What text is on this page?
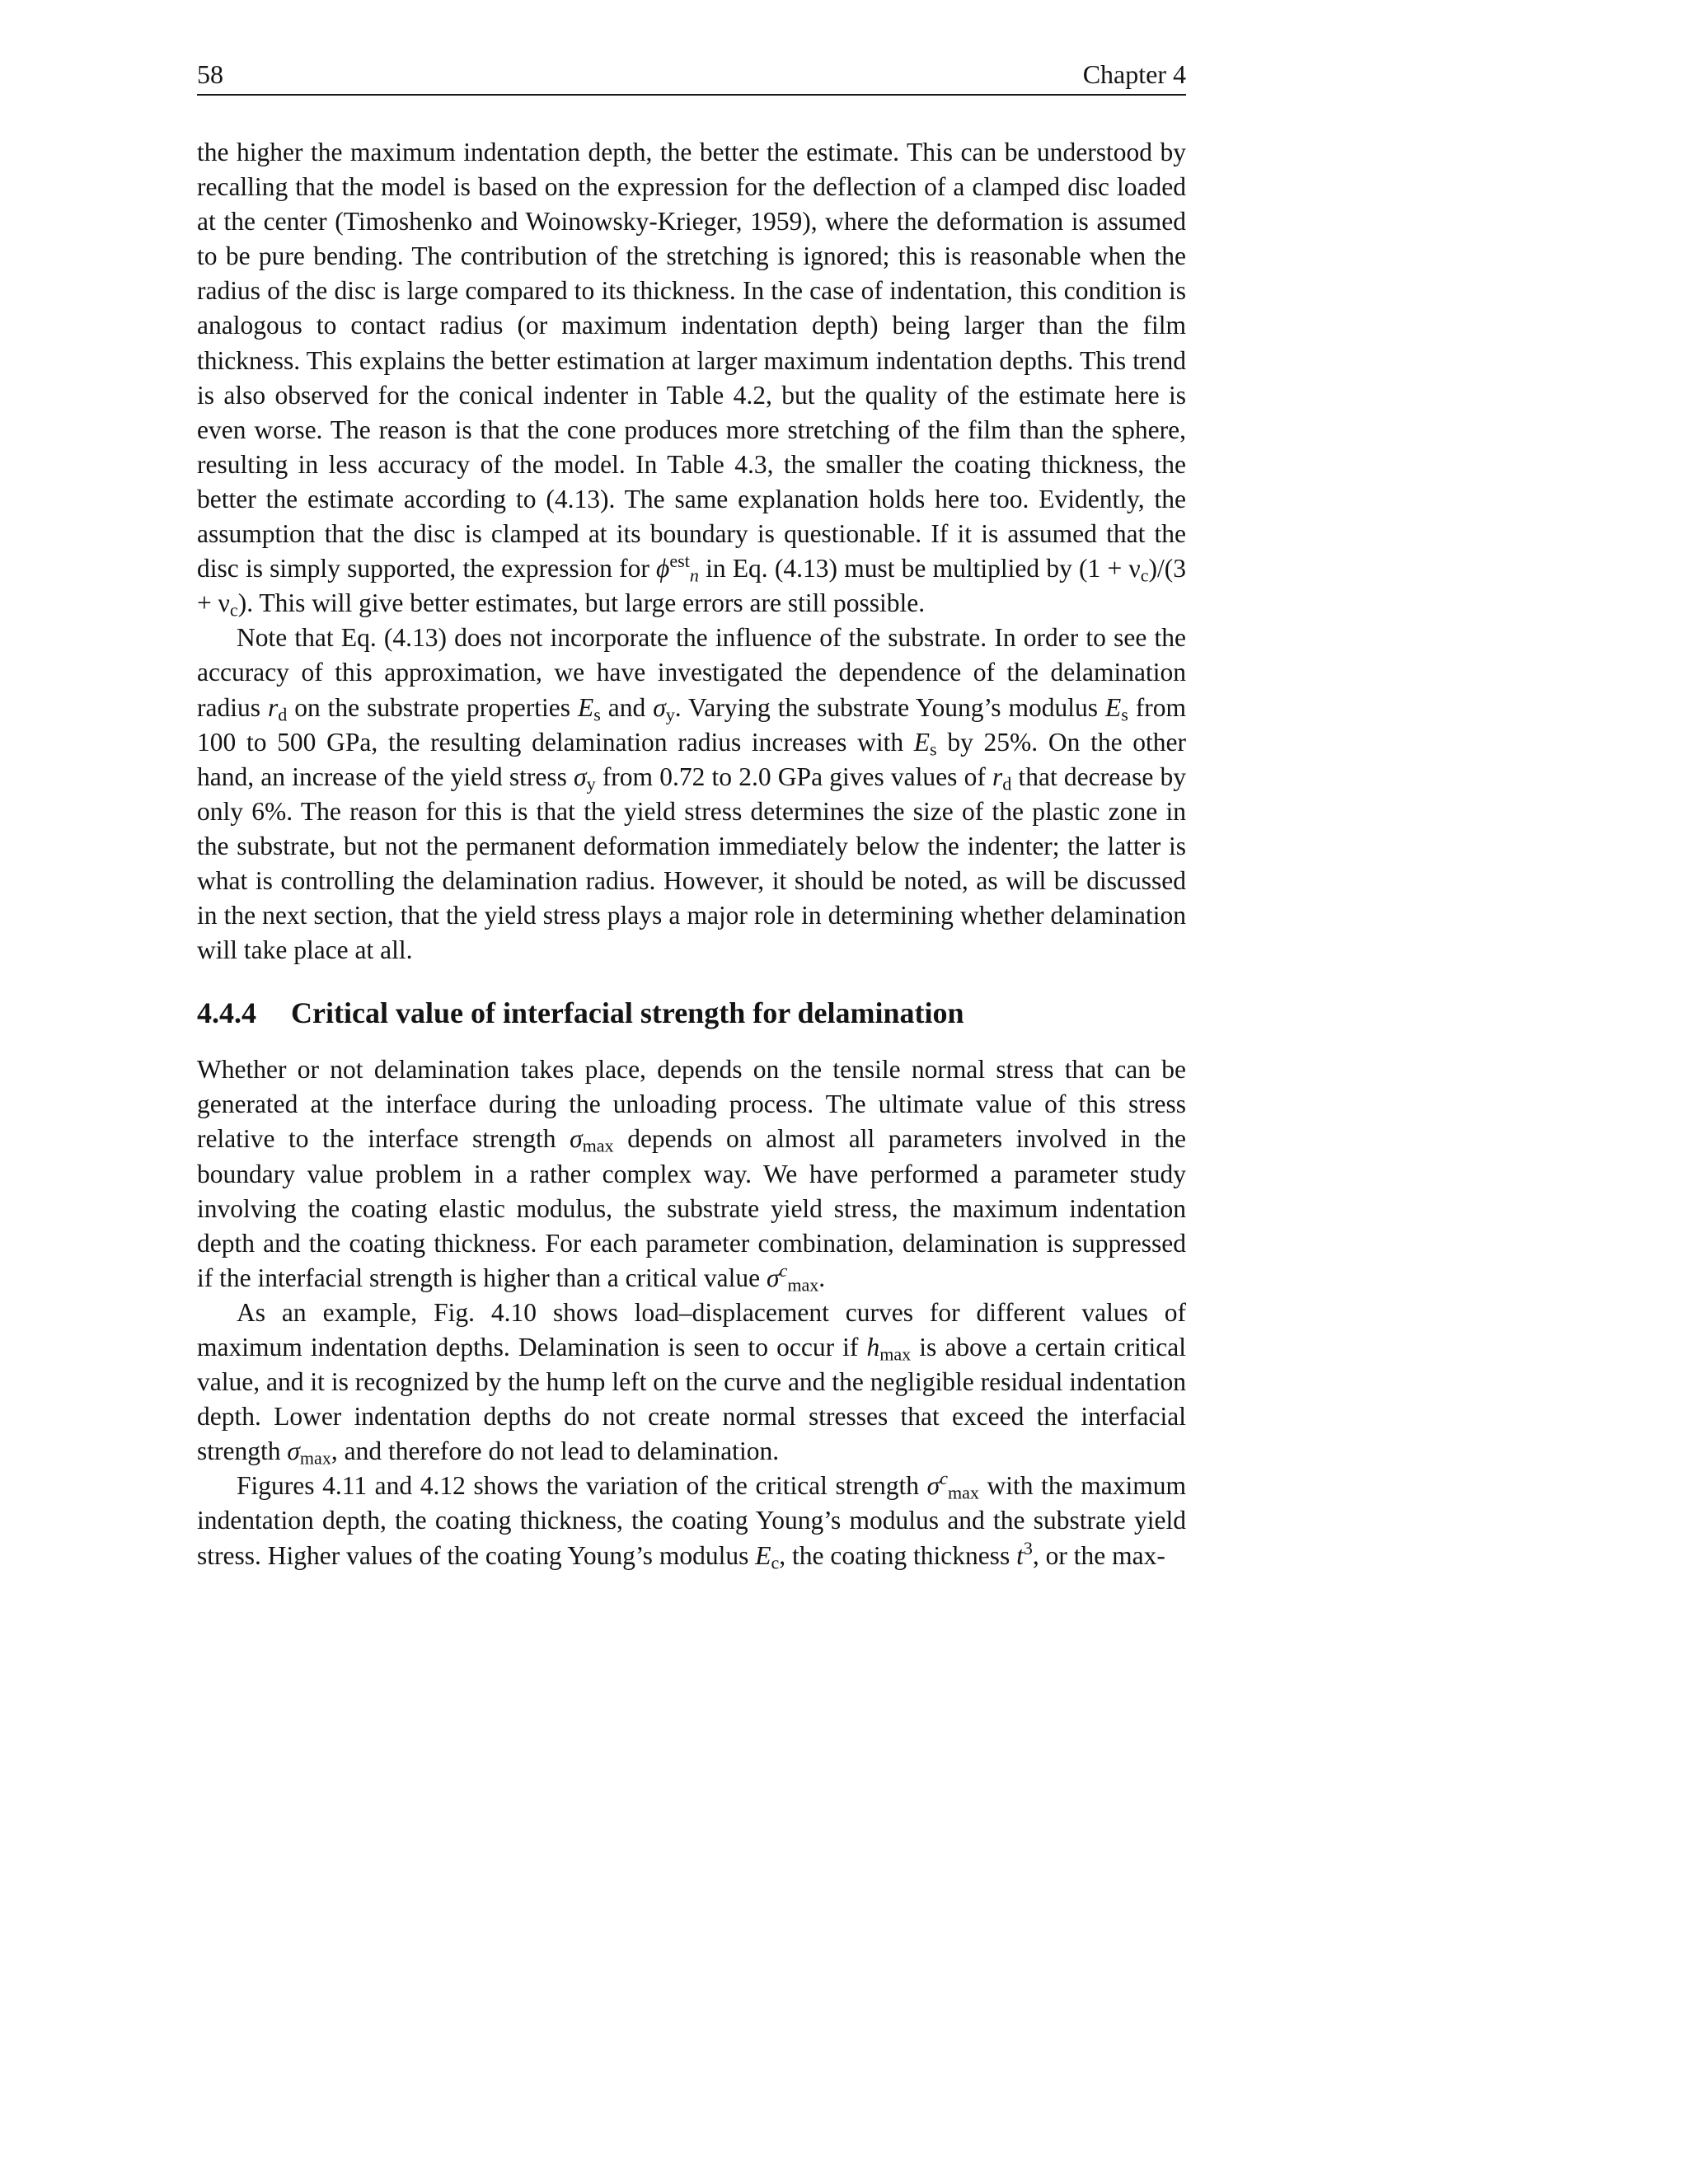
58	Chapter 4

the higher the maximum indentation depth, the better the estimate. This can be understood by recalling that the model is based on the expression for the deflection of a clamped disc loaded at the center (Timoshenko and Woinowsky-Krieger, 1959), where the deformation is assumed to be pure bending. The contribution of the stretching is ignored; this is reasonable when the radius of the disc is large compared to its thickness. In the case of indentation, this condition is analogous to contact radius (or maximum indentation depth) being larger than the film thickness. This explains the better estimation at larger maximum indentation depths. This trend is also observed for the conical indenter in Table 4.2, but the quality of the estimate here is even worse. The reason is that the cone produces more stretching of the film than the sphere, resulting in less accuracy of the model. In Table 4.3, the smaller the coating thickness, the better the estimate according to (4.13). The same explanation holds here too. Evidently, the assumption that the disc is clamped at its boundary is questionable. If it is assumed that the disc is simply supported, the expression for $\phi^{est}_n$ in Eq. (4.13) must be multiplied by $(1 + \nu_c)/(3 + \nu_c)$. This will give better estimates, but large errors are still possible.

Note that Eq. (4.13) does not incorporate the influence of the substrate. In order to see the accuracy of this approximation, we have investigated the dependence of the delamination radius $r_d$ on the substrate properties $E_s$ and $\sigma_y$. Varying the substrate Young’s modulus $E_s$ from 100 to 500 GPa, the resulting delamination radius increases with $E_s$ by 25%. On the other hand, an increase of the yield stress $\sigma_y$ from 0.72 to 2.0 GPa gives values of $r_d$ that decrease by only 6%. The reason for this is that the yield stress determines the size of the plastic zone in the substrate, but not the permanent deformation immediately below the indenter; the latter is what is controlling the delamination radius. However, it should be noted, as will be discussed in the next section, that the yield stress plays a major role in determining whether delamination will take place at all.

4.4.4 Critical value of interfacial strength for delamination

Whether or not delamination takes place, depends on the tensile normal stress that can be generated at the interface during the unloading process. The ultimate value of this stress relative to the interface strength $\sigma_{max}$ depends on almost all parameters involved in the boundary value problem in a rather complex way. We have performed a parameter study involving the coating elastic modulus, the substrate yield stress, the maximum indentation depth and the coating thickness. For each parameter combination, delamination is suppressed if the interfacial strength is higher than a critical value $\sigma^c_{max}$.

As an example, Fig. 4.10 shows load–displacement curves for different values of maximum indentation depths. Delamination is seen to occur if $h_{max}$ is above a certain critical value, and it is recognized by the hump left on the curve and the negligible residual indentation depth. Lower indentation depths do not create normal stresses that exceed the interfacial strength $\sigma_{max}$, and therefore do not lead to delamination.

Figures 4.11 and 4.12 shows the variation of the critical strength $\sigma^c_{max}$ with the maximum indentation depth, the coating thickness, the coating Young’s modulus and the substrate yield stress. Higher values of the coating Young’s modulus $E_c$, the coating thickness $t^3$, or the max-
